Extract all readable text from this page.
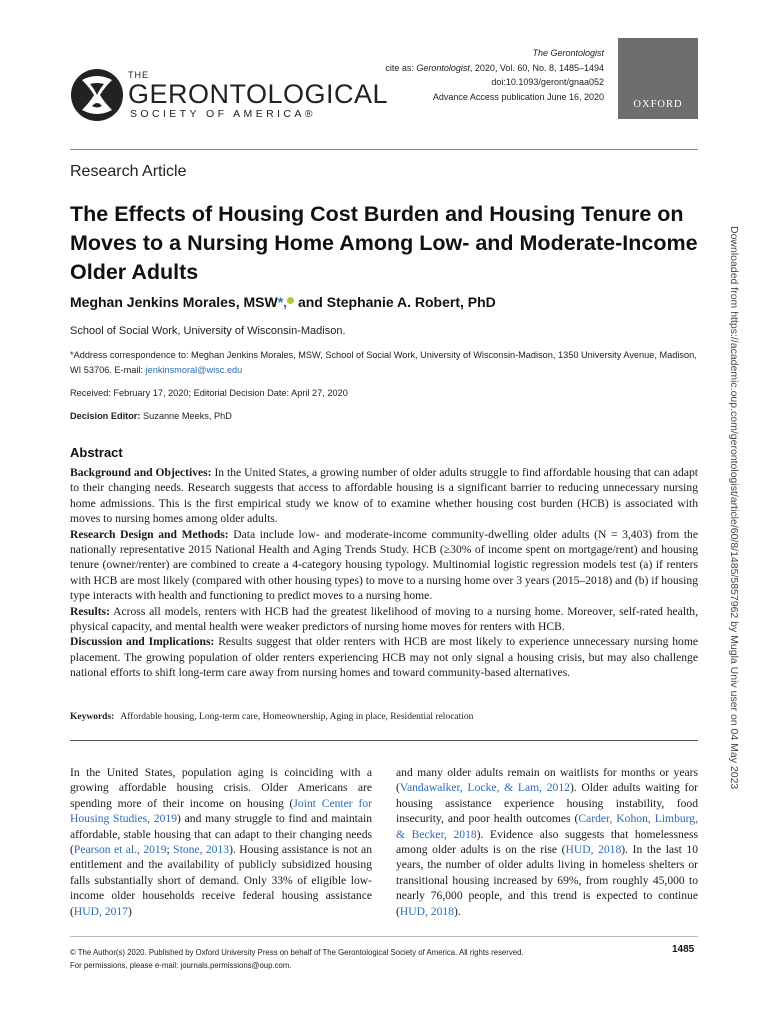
THE
GERONTOLOGICAL
SOCIETY OF AMERICA®
The Gerontologist
cite as: Gerontologist, 2020, Vol. 60, No. 8, 1485–1494
doi:10.1093/geront/gnaa052
Advance Access publication June 16, 2020
OXFORD
Downloaded from https://academic.oup.com/gerontologist/article/60/8/1485/5857962 by Mugla Univ user on 04 May 2023
Research Article
The Effects of Housing Cost Burden and Housing Tenure on Moves to a Nursing Home Among Low- and Moderate-Income Older Adults
Meghan Jenkins Morales, MSW*, and Stephanie A. Robert, PhD
School of Social Work, University of Wisconsin-Madison.
*Address correspondence to: Meghan Jenkins Morales, MSW, School of Social Work, University of Wisconsin-Madison, 1350 University Avenue, Madison, WI 53706. E-mail: jenkinsmoral@wisc.edu
Received: February 17, 2020; Editorial Decision Date: April 27, 2020
Decision Editor: Suzanne Meeks, PhD
Abstract

Background and Objectives: In the United States, a growing number of older adults struggle to find affordable housing that can adapt to their changing needs. Research suggests that access to affordable housing is a significant barrier to reducing unnecessary nursing home admissions. This is the first empirical study we know of to examine whether housing cost burden (HCB) is associated with moves to nursing homes among older adults.

Research Design and Methods: Data include low- and moderate-income community-dwelling older adults (N = 3,403) from the nationally representative 2015 National Health and Aging Trends Study. HCB (≥30% of income spent on mortgage/rent) and housing tenure (owner/renter) are combined to create a 4-category housing typology. Multinomial logistic regression models test (a) if renters with HCB are most likely (compared with other housing types) to move to a nursing home over 3 years (2015–2018) and (b) if housing type interacts with health and functioning to predict moves to a nursing home.

Results: Across all models, renters with HCB had the greatest likelihood of moving to a nursing home. Moreover, self-rated health, physical capacity, and mental health were weaker predictors of nursing home moves for renters with HCB.

Discussion and Implications: Results suggest that older renters with HCB are most likely to experience unnecessary nursing home placement. The growing population of older renters experiencing HCB may not only signal a housing crisis, but may also challenge national efforts to shift long-term care away from nursing homes and toward community-based alternatives.

Keywords: Affordable housing, Long-term care, Homeownership, Aging in place, Residential relocation

In the United States, population aging is coinciding with a growing affordable housing crisis. Older Americans are spending more of their income on housing (Joint Center for Housing Studies, 2019) and many struggle to find and maintain affordable, stable housing that can adapt to their changing needs (Pearson et al., 2019; Stone, 2013). Housing assistance is not an entitlement and the availability of publicly subsidized housing falls substantially short of demand. Only 33% of eligible low-income older households receive federal housing assistance (HUD, 2017)

and many older adults remain on waitlists for months or years (Vandawalker, Locke, & Lam, 2012). Older adults waiting for housing assistance experience housing instability, food insecurity, and poor health outcomes (Carder, Kohon, Limburg, & Becker, 2018). Evidence also suggests that homelessness among older adults is on the rise (HUD, 2018). In the last 10 years, the number of older adults living in homeless shelters or transitional housing increased by 69%, from roughly 45,000 to nearly 76,000 people, and this trend is expected to continue (HUD, 2018).

© The Author(s) 2020. Published by Oxford University Press on behalf of The Gerontological Society of America. All rights reserved.
For permissions, please e-mail: journals.permissions@oup.com.
1485
